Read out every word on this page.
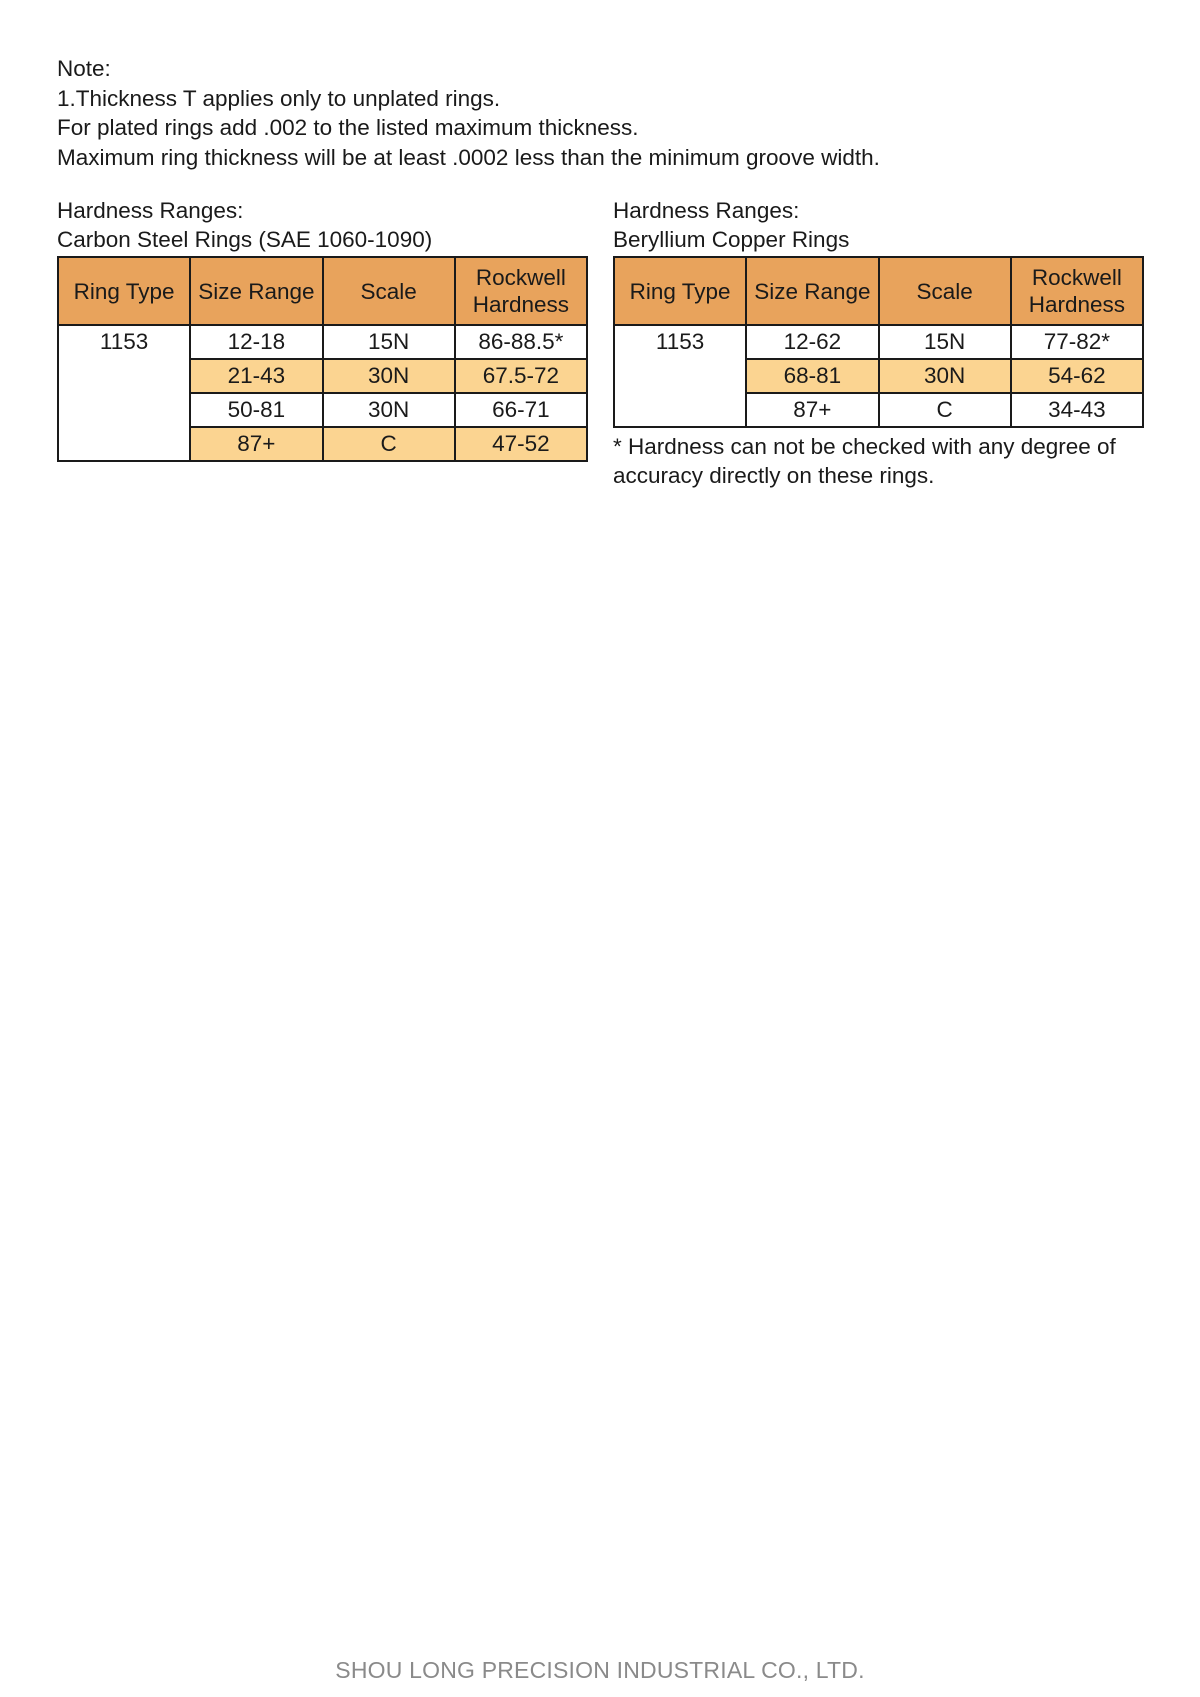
Note:
1.Thickness T applies only to unplated rings.
For plated rings add .002 to the listed maximum thickness.
Maximum ring thickness will be at least .0002 less than the minimum groove width.
Hardness Ranges:
Carbon Steel Rings (SAE 1060-1090)
Ring Type	Size Range	Scale	Rockwell Hardness
1153	12-18	15N	86-88.5*
	21-43	30N	67.5-72
	50-81	30N	66-71
	87+	C	47-52
Hardness Ranges:
Beryllium Copper Rings
Ring Type	Size Range	Scale	Rockwell Hardness
1153	12-62	15N	77-82*
	68-81	30N	54-62
	87+	C	34-43
* Hardness can not be checked with any degree of accuracy directly on these rings.
SHOU LONG PRECISION INDUSTRIAL CO., LTD.
